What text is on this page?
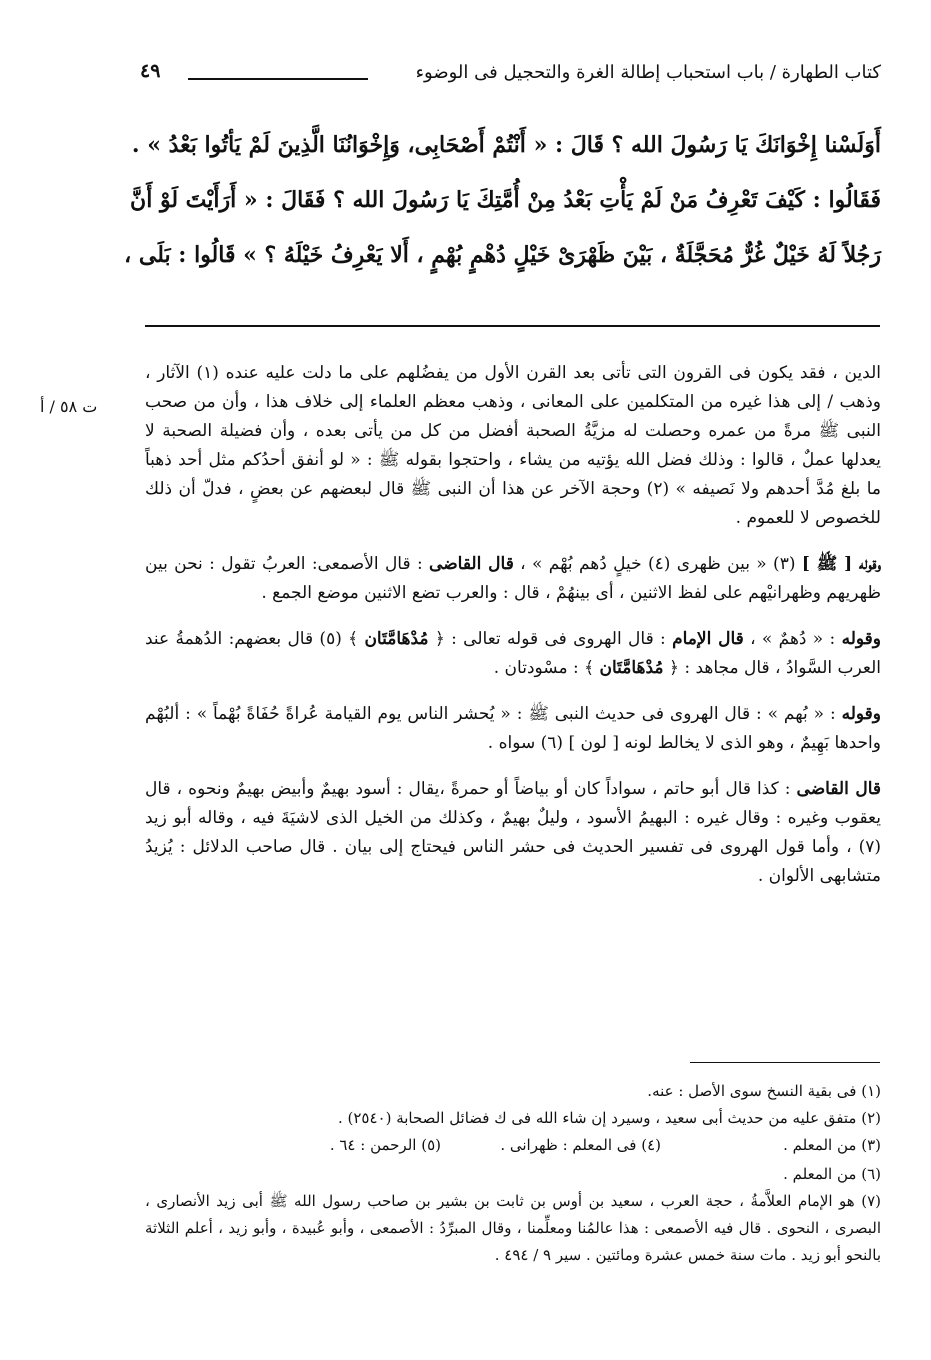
كتاب الطهارة / باب استحباب إطالة الغرة والتحجيل فى الوضوء
٤٩
أَوَلَسْنا إِخْوَانَكَ يَا رَسُولَ الله ؟ قَالَ : « أَنْتُمْ أَصْحَابِى، وَإِخْوَانُنَا الَّذِينَ لَمْ يَأتُوا بَعْدُ » .
فَقَالُوا : كَيْفَ تَعْرِفُ مَنْ لَمْ يَأْتِ بَعْدُ مِنْ أُمَّتِكَ يَا رَسُولَ الله ؟ فَقَالَ : « أَرَأَيْتَ لَوْ أَنَّ
رَجُلاً لَهُ خَيْلٌ غُرٌّ مُحَجَّلَةٌ ، بَيْنَ ظَهْرَىْ خَيْلٍ دُهْمٍ بُهْمٍ ، أَلا يَعْرِفُ خَيْلَهُ ؟ » قَالُوا : بَلَى ،
ت ٥٨ / أ

الدين ، فقد يكون فى القرون التى تأتى بعد القرن الأول من يفضُلهم على ما دلت عليه عنده (١) الآثار ، وذهب / إلى هذا غيره من المتكلمين على المعانى ، وذهب معظم العلماء إلى خلاف هذا ، وأن من صحب النبى ﷺ مرةً من عمره وحصلت له مزيَّةُ الصحبة أفضل من كل من يأتى بعده ، وأن فضيلة الصحبة لا يعدلها عملٌ ، قالوا : وذلك فضل الله يؤتيه من يشاء ، واحتجوا بقوله ﷺ : « لو أنفق أحدُكم مثل أحد ذهباً ما بلغ مُدَّ أحدهم ولا نَصيفه » (٢) وحجة الآخر عن هذا أن النبى ﷺ قال لبعضهم عن بعضٍ ، فدلّ أن ذلك للخصوص لا للعموم .

وقوله [ ﷺ ] (٣) « بين ظهرى (٤) خيلٍ دُهم بُهْم » ، قال القاضى : قال الأصمعى: العربُ تقول : نحن بين ظهريهم وظهرانيْهم على لفظ الاثنين ، أى بينهُمْ ، قال : والعرب تضع الاثنين موضع الجمع .

وقوله : « دُهمٌ » ، قال الإمام : قال الهروى فى قوله تعالى : ﴿ مُدْهَامَّتَان ﴾ (٥) قال بعضهم: الدُهمةُ عند العرب السَّوادُ ، قال مجاهد : ﴿ مُدْهَامَّتَان ﴾ : مسْودتان .

وقوله : « بُهم » : قال الهروى فى حديث النبى ﷺ : « يُحشر الناس يوم القيامة عُراةً حُفَاةً بُهْماً » : ألبُهْم واحدها بَهِيمٌ ، وهو الذى لا يخالط لونه [ لون ] (٦) سواه .

قال القاضى : كذا قال أبو حاتم ، سواداً كان أو بياضاً أو حمرةً ،يقال : أسود بهيمٌ وأبيض بهيمٌ ونحوه ، قال يعقوب وغيره : وقال غيره : البهيمُ الأسود ، وليلٌ بهيمٌ ، وكذلك من الخيل الذى لاشيَةَ فيه ، وقاله أبو زيد (٧) ، وأما قول الهروى فى تفسير الحديث فى حشر الناس فيحتاج إلى بيان . قال صاحب الدلائل : يُزيدُ متشابهى الألوان .

(١) فى بقية النسخ سوى الأصل : عنه.
(٢) متفق عليه من حديث أبى سعيد ، وسيرد إن شاء الله فى ك فضائل الصحابة (٢٥٤٠) .
(٣) من المعلم .
(٤) فى المعلم : ظهرانى .
(٥) الرحمن : ٦٤ .
(٦) من المعلم .
(٧) هو الإمام العلاَّمةُ ، حجة العرب ، سعيد بن أوس بن ثابت بن بشير بن صاحب رسول الله ﷺ أبى زيد الأنصارى ، البصرى ، النحوى . قال فيه الأصمعى : هذا عالمُنا ومعلِّمنا ، وقال المبرِّدُ : الأصمعى ، وأبو عُبيدة ، وأبو زيد ، أعلم الثلاثة بالنحو أبو زيد . مات سنة خمس عشرة ومائتين . سير ٩ / ٤٩٤ .
